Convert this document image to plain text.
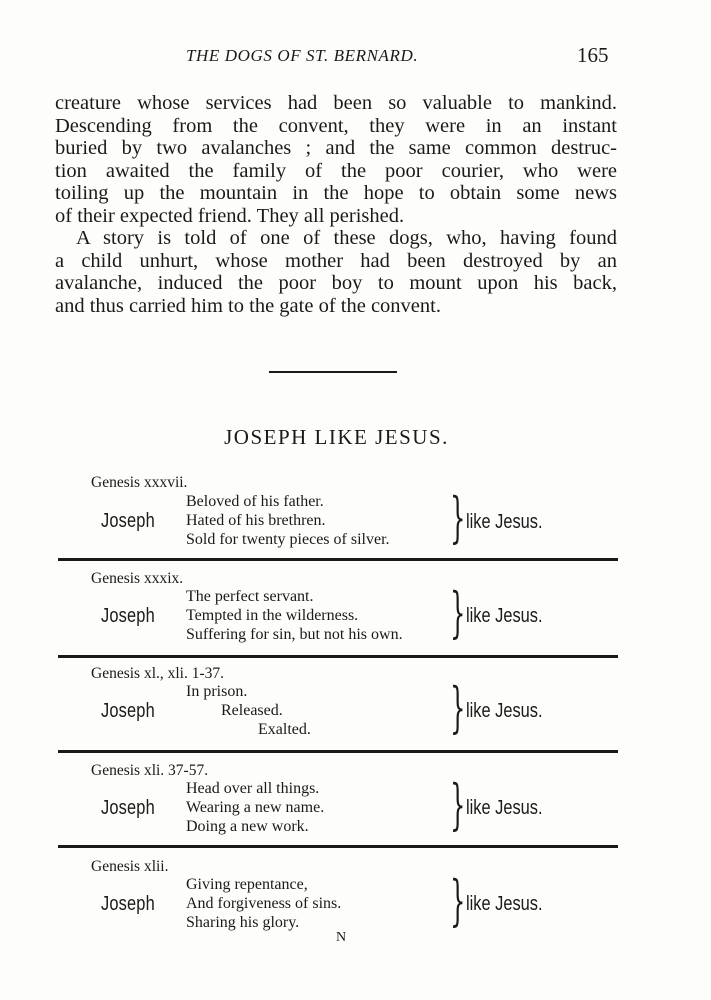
THE DOGS OF ST. BERNARD.	165

creature whose services had been so valuable to mankind.
Descending from the convent, they were in an instant
buried by two avalanches ; and the same common destruc-
tion awaited the family of the poor courier, who were
toiling up the mountain in the hope to obtain some news
of their expected friend. They all perished.

A story is told of one of these dogs, who, having found
a child unhurt, whose mother had been destroyed by an
avalanche, induced the poor boy to mount upon his back,
and thus carried him to the gate of the convent.

JOSEPH LIKE JESUS.
Genesis xxxvii.
Beloved of his father.
Hated of his brethren.
Sold for twenty pieces of silver.
Joseph	} like Jesus.
Genesis xxxix.
The perfect servant.
Tempted in the wilderness.
Suffering for sin, but not his own.
Joseph	} like Jesus.
Genesis xl., xli. 1-37.
In prison.
Released.
Exalted.
Joseph	} like Jesus.
Genesis xli. 37-57.
Head over all things.
Wearing a new name.
Doing a new work.
Joseph	} like Jesus.
Genesis xlii.
Giving repentance,
And forgiveness of sins.
Sharing his glory.
Joseph	} like Jesus.
N
